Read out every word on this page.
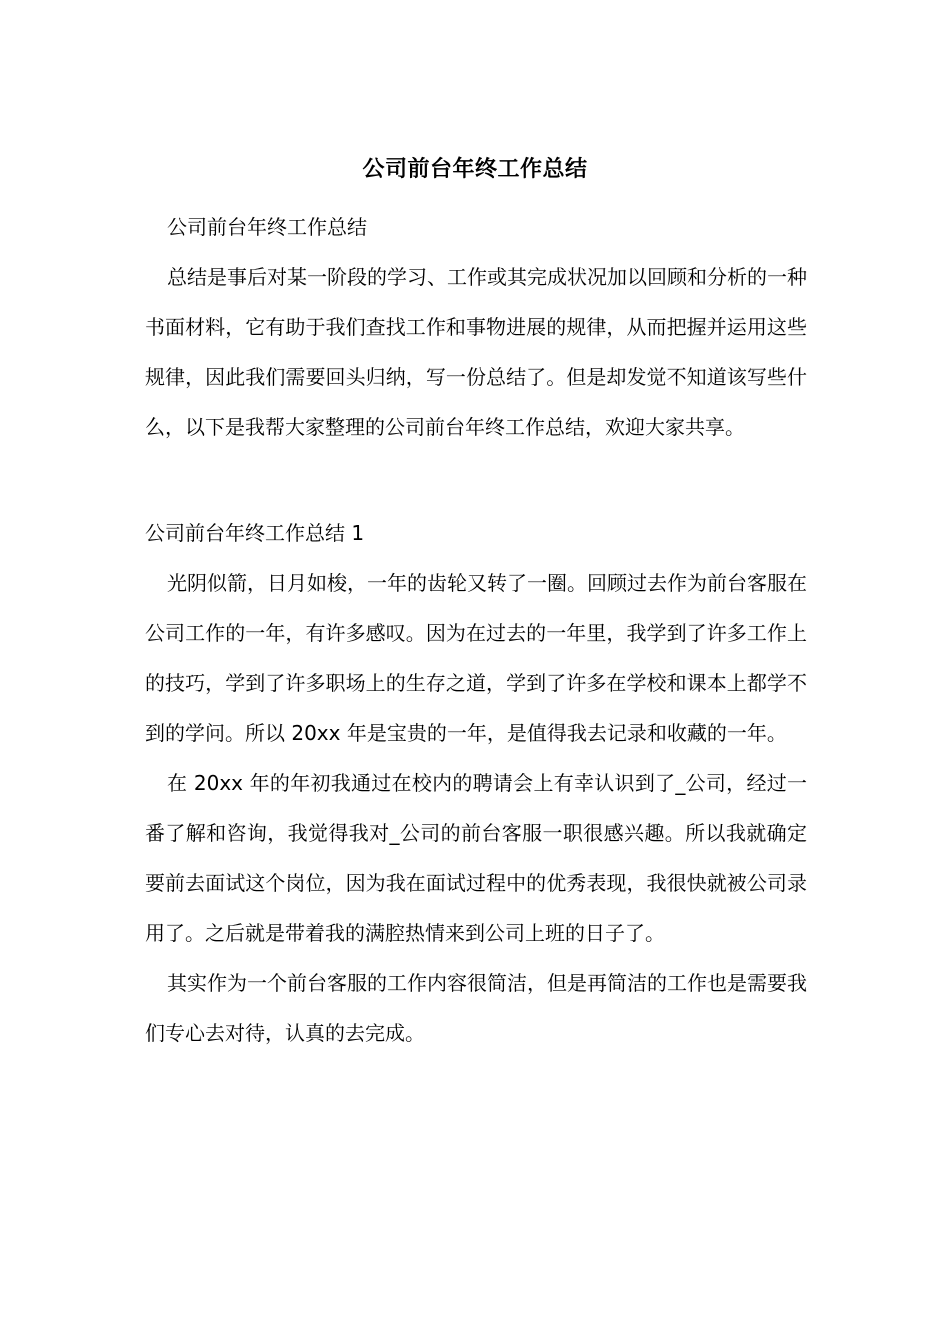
公司前台年终工作总结

公司前台年终工作总结

总结是事后对某一阶段的学习、工作或其完成状况加以回顾和分析的一种书面材料，它有助于我们查找工作和事物进展的规律，从而把握并运用这些规律，因此我们需要回头归纳，写一份总结了。但是却发觉不知道该写些什么，以下是我帮大家整理的公司前台年终工作总结，欢迎大家共享。

公司前台年终工作总结 1

光阴似箭，日月如梭，一年的齿轮又转了一圈。回顾过去作为前台客服在公司工作的一年，有许多感叹。因为在过去的一年里，我学到了许多工作上的技巧，学到了许多职场上的生存之道，学到了许多在学校和课本上都学不到的学问。所以 20xx 年是宝贵的一年，是值得我去记录和收藏的一年。

在 20xx 年的年初我通过在校内的聘请会上有幸认识到了_公司，经过一番了解和咨询，我觉得我对_公司的前台客服一职很感兴趣。所以我就确定要前去面试这个岗位，因为我在面试过程中的优秀表现，我很快就被公司录用了。之后就是带着我的满腔热情来到公司上班的日子了。

其实作为一个前台客服的工作内容很简洁，但是再简洁的工作也是需要我们专心去对待，认真的去完成。
